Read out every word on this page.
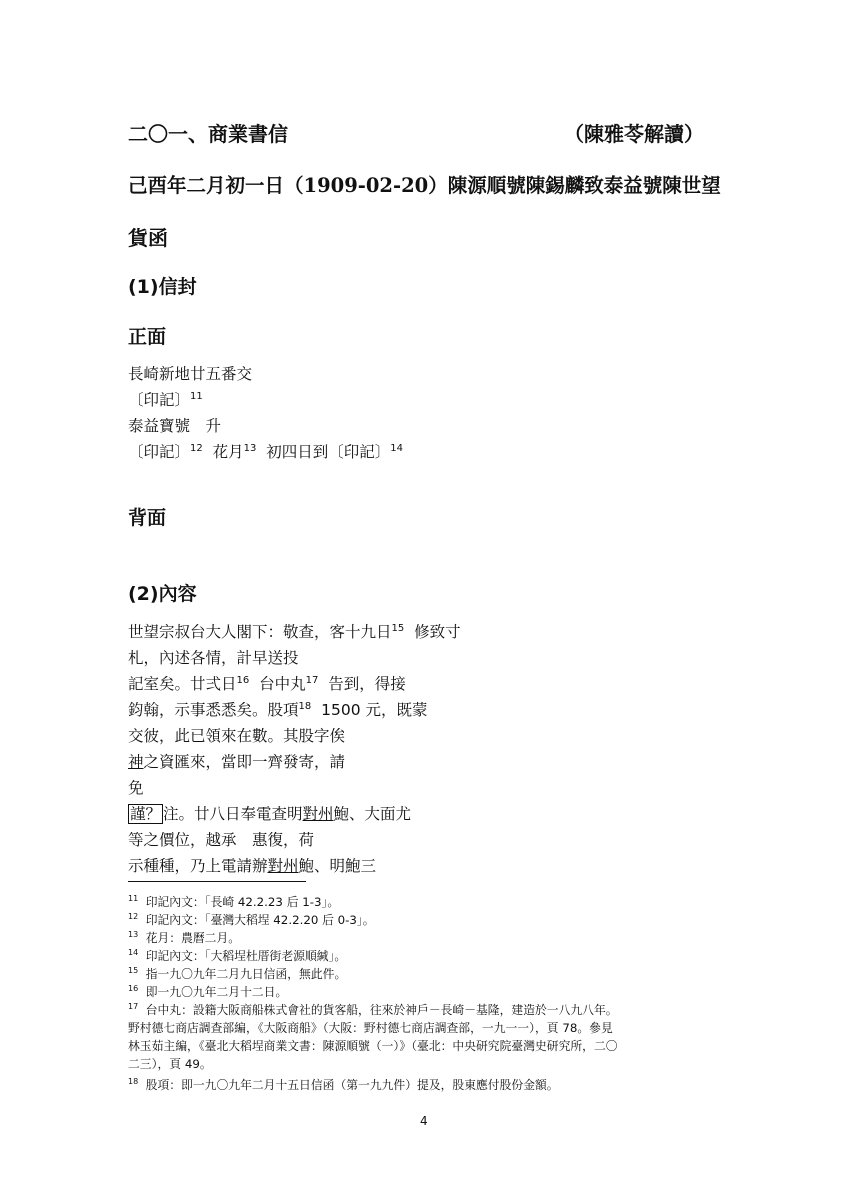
二〇一、商業書信	（陳雅苓解讀）
己酉年二月初一日（1909-02-20）陳源順號陳錫麟致泰益號陳世望
貨函
(1)信封
正面
長崎新地廿五番交
〔印記〕$^{11}$
泰益寶號　升
〔印記〕$^{12}$ 花月$^{13}$ 初四日到〔印記〕$^{14}$
背面
(2)內容
世望宗叔台大人閣下：敬查，客十九日$^{15}$ 修致寸
札，內述各情，計早送投
記室矣。廿弍日$^{16}$ 台中丸$^{17}$ 告到，得接
鈞翰，示事悉悉矣。股項$^{18}$ 1500 元，既蒙
交彼，此已領來在數。其股字俟
神之資匯來，當即一齊發寄，請
免
謹？ 注。廿八日奉電查明對州鮑、大面尤
等之價位，越承　惠復，荷
示種種，乃上電請辦對州鮑、明鮑三
$^{11}$ 印記內文：「長崎 42.2.23 后 1-3」。
$^{12}$ 印記內文：「臺灣大稻埕 42.2.20 后 0-3」。
$^{13}$ 花月：農曆二月。
$^{14}$ 印記內文：「大稻埕杜厝街老源順緘」。
$^{15}$ 指一九〇九年二月九日信函，無此件。
$^{16}$ 即一九〇九年二月十二日。
$^{17}$ 台中丸：設籍大阪商船株式會社的貨客船，往來於神戶－長崎－基隆，建造於一八九八年。
野村德七商店調查部編，《大阪商船》（大阪：野村德七商店調查部，一九一一），頁 78。參見
林玉茹主編，《臺北大稻埕商業文書：陳源順號（一）》（臺北：中央研究院臺灣史研究所，二〇
二三），頁 49。
$^{18}$ 股項：即一九〇九年二月十五日信函（第一九九件）提及，股東應付股份金額。
4
